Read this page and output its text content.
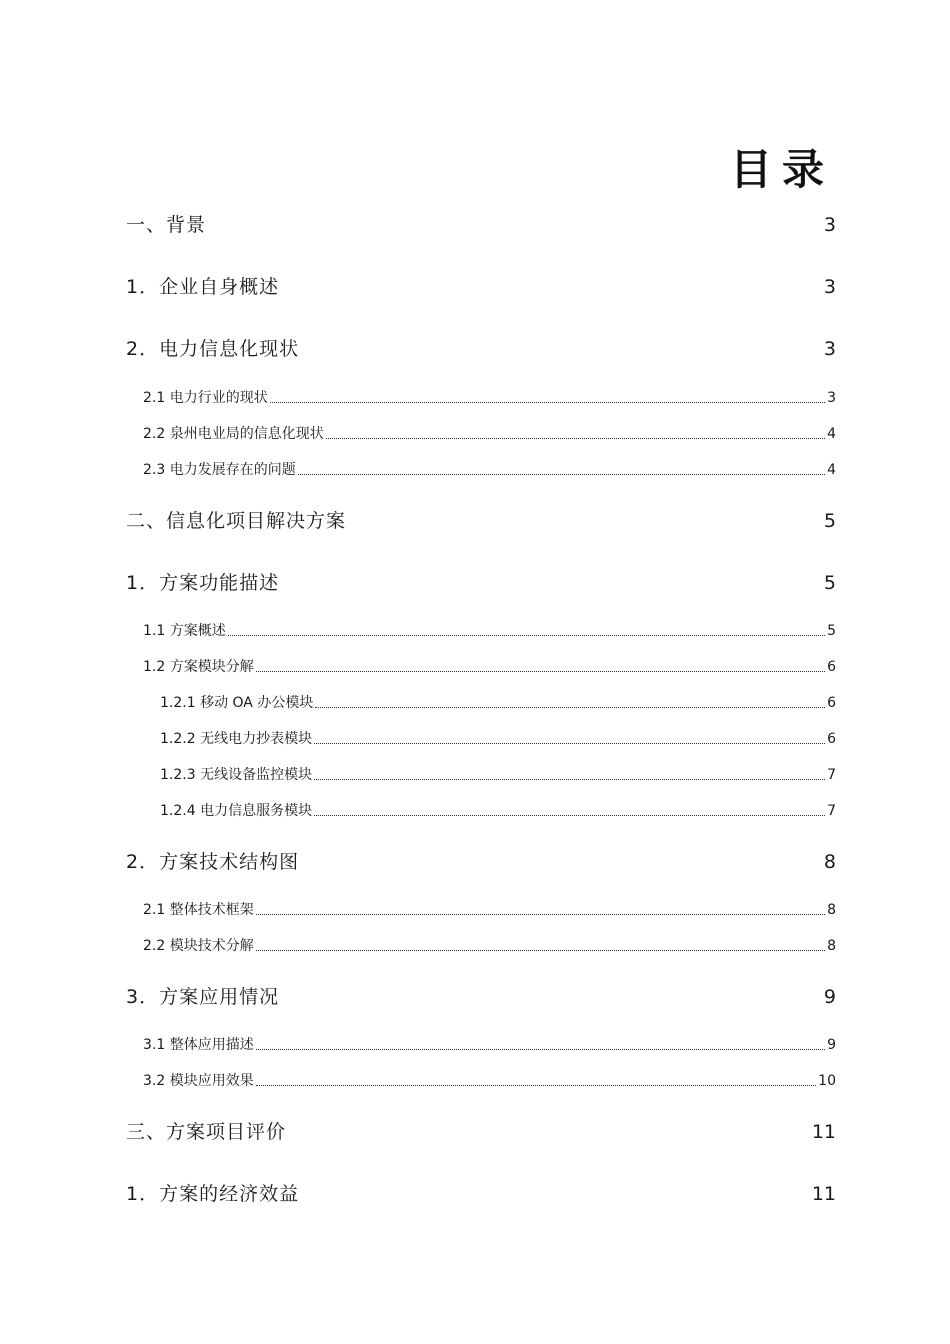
目录
一、背景	3
1．企业自身概述	3
2．电力信息化现状	3
2.1 电力行业的现状	3
2.2 泉州电业局的信息化现状	4
2.3 电力发展存在的问题	4
二、信息化项目解决方案	5
1．方案功能描述	5
1.1 方案概述	5
1.2 方案模块分解	6
1.2.1 移动 OA 办公模块	6
1.2.2 无线电力抄表模块	6
1.2.3 无线设备监控模块	7
1.2.4 电力信息服务模块	7
2．方案技术结构图	8
2.1 整体技术框架	8
2.2 模块技术分解	8
3．方案应用情况	9
3.1 整体应用描述	9
3.2 模块应用效果	10
三、方案项目评价	11
1．方案的经济效益	11
